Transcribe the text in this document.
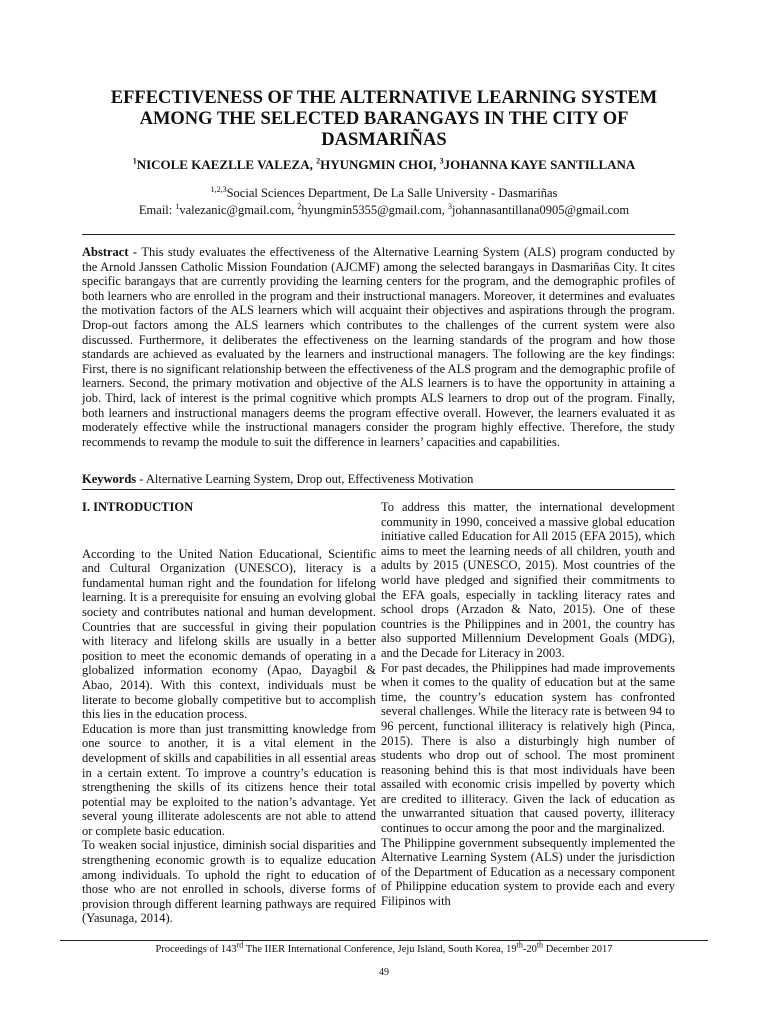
EFFECTIVENESS OF THE ALTERNATIVE LEARNING SYSTEM AMONG THE SELECTED BARANGAYS IN THE CITY OF DASMARIÑAS

$^1$NICOLE KAEZLLE VALEZA, $^2$HYUNGMIN CHOI, $^3$JOHANNA KAYE SANTILLANA

$^{1,2,3}$Social Sciences Department, De La Salle University - Dasmariñas
Email: $^1$valezanic@gmail.com, $^2$hyungmin5355@gmail.com, $^3$johannasantillana0905@gmail.com

Abstract - This study evaluates the effectiveness of the Alternative Learning System (ALS) program conducted by the Arnold Janssen Catholic Mission Foundation (AJCMF) among the selected barangays in Dasmariñas City. It cites specific barangays that are currently providing the learning centers for the program, and the demographic profiles of both learners who are enrolled in the program and their instructional managers. Moreover, it determines and evaluates the motivation factors of the ALS learners which will acquaint their objectives and aspirations through the program. Drop-out factors among the ALS learners which contributes to the challenges of the current system were also discussed. Furthermore, it deliberates the effectiveness on the learning standards of the program and how those standards are achieved as evaluated by the learners and instructional managers. The following are the key findings: First, there is no significant relationship between the effectiveness of the ALS program and the demographic profile of learners. Second, the primary motivation and objective of the ALS learners is to have the opportunity in attaining a job. Third, lack of interest is the primal cognitive which prompts ALS learners to drop out of the program. Finally, both learners and instructional managers deems the program effective overall. However, the learners evaluated it as moderately effective while the instructional managers consider the program highly effective. Therefore, the study recommends to revamp the module to suit the difference in learners’ capacities and capabilities.

Keywords - Alternative Learning System, Drop out, Effectiveness Motivation

I. INTRODUCTION

According to the United Nation Educational, Scientific and Cultural Organization (UNESCO), literacy is a fundamental human right and the foundation for lifelong learning. It is a prerequisite for ensuing an evolving global society and contributes national and human development. Countries that are successful in giving their population with literacy and lifelong skills are usually in a better position to meet the economic demands of operating in a globalized information economy (Apao, Dayagbil & Abao, 2014). With this context, individuals must be literate to become globally competitive but to accomplish this lies in the education process.

Education is more than just transmitting knowledge from one source to another, it is a vital element in the development of skills and capabilities in all essential areas in a certain extent. To improve a country’s education is strengthening the skills of its citizens hence their total potential may be exploited to the nation’s advantage. Yet several young illiterate adolescents are not able to attend or complete basic education.

To weaken social injustice, diminish social disparities and strengthening economic growth is to equalize education among individuals. To uphold the right to education of those who are not enrolled in schools, diverse forms of provision through different learning pathways are required (Yasunaga, 2014).

To address this matter, the international development community in 1990, conceived a massive global education initiative called Education for All 2015 (EFA 2015), which aims to meet the learning needs of all children, youth and adults by 2015 (UNESCO, 2015). Most countries of the world have pledged and signified their commitments to the EFA goals, especially in tackling literacy rates and school drops (Arzadon & Nato, 2015). One of these countries is the Philippines and in 2001, the country has also supported Millennium Development Goals (MDG), and the Decade for Literacy in 2003.

For past decades, the Philippines had made improvements when it comes to the quality of education but at the same time, the country’s education system has confronted several challenges. While the literacy rate is between 94 to 96 percent, functional illiteracy is relatively high (Pinca, 2015). There is also a disturbingly high number of students who drop out of school. The most prominent reasoning behind this is that most individuals have been assailed with economic crisis impelled by poverty which are credited to illiteracy. Given the lack of education as the unwarranted situation that caused poverty, illiteracy continues to occur among the poor and the marginalized.

The Philippine government subsequently implemented the Alternative Learning System (ALS) under the jurisdiction of the Department of Education as a necessary component of Philippine education system to provide each and every Filipinos with

Proceedings of 143rd The IIER International Conference, Jeju Island, South Korea, 19th-20th December 2017

49
